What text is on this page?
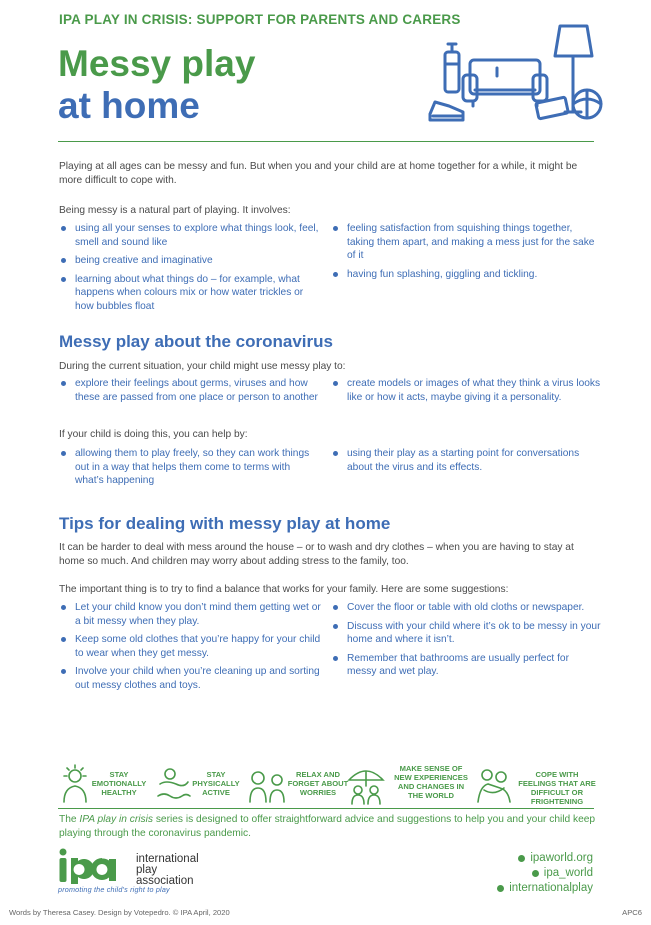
IPA PLAY IN CRISIS: SUPPORT FOR PARENTS AND CARERS
Messy play
at home

Playing at all ages can be messy and fun. But when you and your child are at home together for a while, it might be more difficult to cope with.

Being messy is a natural part of playing. It involves:

using all your senses to explore what things look, feel, smell and sound like
being creative and imaginative
learning about what things do – for example, what happens when colours mix or how water trickles or how bubbles float
feeling satisfaction from squishing things together, taking them apart, and making a mess just for the sake of it
having fun splashing, giggling and tickling.
Messy play about the coronavirus

During the current situation, your child might use messy play to:

explore their feelings about germs, viruses and how these are passed from one place or person to another
create models or images of what they think a virus looks like or how it acts, maybe giving it a personality.

If your child is doing this, you can help by:

allowing them to play freely, so they can work things out in a way that helps them come to terms with what’s happening
using their play as a starting point for conversations about the virus and its effects.
Tips for dealing with messy play at home

It can be harder to deal with mess around the house – or to wash and dry clothes – when you are having to stay at home so much. And children may worry about adding stress to the family, too.

The important thing is to try to find a balance that works for your family. Here are some suggestions:

Let your child know you don’t mind them getting wet or a bit messy when they play.
Keep some old clothes that you’re happy for your child to wear when they get messy.
Involve your child when you’re cleaning up and sorting out messy clothes and toys.
Cover the floor or table with old cloths or newspaper.
Discuss with your child where it’s ok to be messy in your home and where it isn’t.
Remember that bathrooms are usually perfect for messy and wet play.
STAY EMOTIONALLY HEALTHY
STAY PHYSICALLY ACTIVE
RELAX AND FORGET ABOUT WORRIES
MAKE SENSE OF NEW EXPERIENCES AND CHANGES IN THE WORLD
COPE WITH FEELINGS THAT ARE DIFFICULT OR FRIGHTENING
The IPA play in crisis series is designed to offer straightforward advice and suggestions to help you and your child keep playing through the coronavirus pandemic.
international
play
association
promoting the child's right to play
ipaworld.org
ipa_world
internationalplay
Words by Theresa Casey. Design by Votepedro. © IPA April, 2020	APC6
